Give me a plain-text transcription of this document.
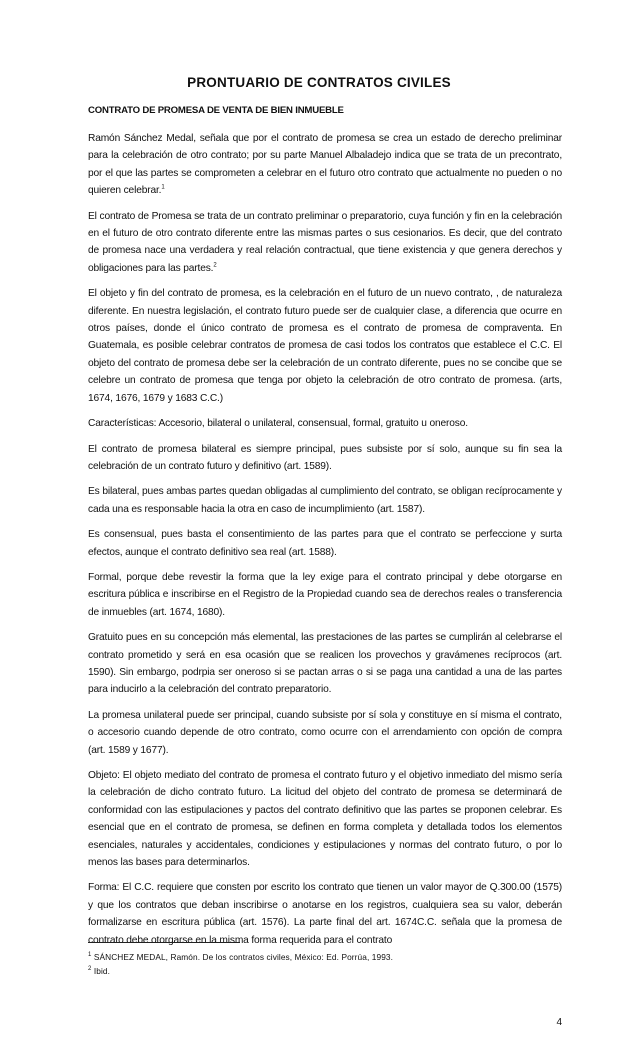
PRONTUARIO DE CONTRATOS CIVILES
CONTRATO DE PROMESA DE VENTA DE BIEN INMUEBLE

Ramón Sánchez Medal, señala que por el contrato de promesa se crea un estado de derecho preliminar para la celebración de otro contrato; por su parte Manuel Albaladejo indica que se trata de un precontrato, por el que las partes se comprometen a celebrar en el futuro otro contrato que actualmente no pueden o no quieren celebrar.$^1$

El contrato de Promesa se trata de un contrato preliminar o preparatorio, cuya función y fin en la celebración en el futuro de otro contrato diferente entre las mismas partes o sus cesionarios. Es decir, que del contrato de promesa nace una verdadera y real relación contractual, que tiene existencia y que genera derechos y obligaciones para las partes.$^2$

El objeto y fin del contrato de promesa, es la celebración en el futuro de un nuevo contrato, , de naturaleza diferente. En nuestra legislación, el contrato futuro puede ser de cualquier clase, a diferencia que ocurre en otros países, donde el único contrato de promesa es el contrato de promesa de compraventa. En Guatemala, es posible celebrar contratos de promesa de casi todos los contratos que establece el C.C. El objeto del contrato de promesa debe ser la celebración de un contrato diferente, pues no se concibe que se celebre un contrato de promesa que tenga por objeto la celebración de otro contrato de promesa. (arts, 1674, 1676, 1679 y 1683 C.C.)

Características: Accesorio, bilateral o unilateral, consensual, formal, gratuito u oneroso.

El contrato de promesa bilateral es siempre principal, pues subsiste por sí solo, aunque su fin sea la celebración de un contrato futuro y definitivo (art. 1589).

Es bilateral, pues ambas partes quedan obligadas al cumplimiento del contrato, se obligan recíprocamente y cada una es responsable hacia la otra en caso de incumplimiento (art. 1587).

Es consensual, pues basta el consentimiento de las partes para que el contrato se perfeccione y surta efectos, aunque el contrato definitivo sea real (art. 1588).

Formal, porque debe revestir la forma que la ley exige para el contrato principal y debe otorgarse en escritura pública e inscribirse en el Registro de la Propiedad cuando sea de derechos reales o transferencia de inmuebles (art. 1674, 1680).

Gratuito pues en su concepción más elemental, las prestaciones de las partes se cumplirán al celebrarse el contrato prometido y será en esa ocasión que se realicen los provechos y gravámenes recíprocos (art. 1590). Sin embargo, podrpia ser oneroso si se pactan arras o si se paga una cantidad a una de las partes para inducirlo a la celebración del contrato preparatorio.

La promesa unilateral puede ser principal, cuando subsiste por sí sola y constituye en sí misma el contrato, o accesorio cuando depende de otro contrato, como ocurre con el arrendamiento con opción de compra (art. 1589 y 1677).

Objeto: El objeto mediato del contrato de promesa el contrato futuro y el objetivo inmediato del mismo sería la celebración de dicho contrato futuro. La licitud del objeto del contrato de promesa se determinará de conformidad con las estipulaciones y pactos del contrato definitivo que las partes se proponen celebrar. Es esencial que en el contrato de promesa, se definen en forma completa y detallada todos los elementos esenciales, naturales y accidentales, condiciones y estipulaciones y normas del contrato futuro, o por lo menos las bases para determinarlos.

Forma: El C.C. requiere que consten por escrito los contrato que tienen un valor mayor de Q.300.00 (1575) y que los contratos que deban inscribirse o anotarse en los registros, cualquiera sea su valor, deberán formalizarse en escritura pública (art. 1576). La parte final del art. 1674C.C. señala que la promesa de contrato debe otorgarse en la misma forma requerida para el contrato

$^1$ SÁNCHEZ MEDAL, Ramón. De los contratos civiles, México: Ed. Porrúa, 1993.

$^2$ Ibid.

4
